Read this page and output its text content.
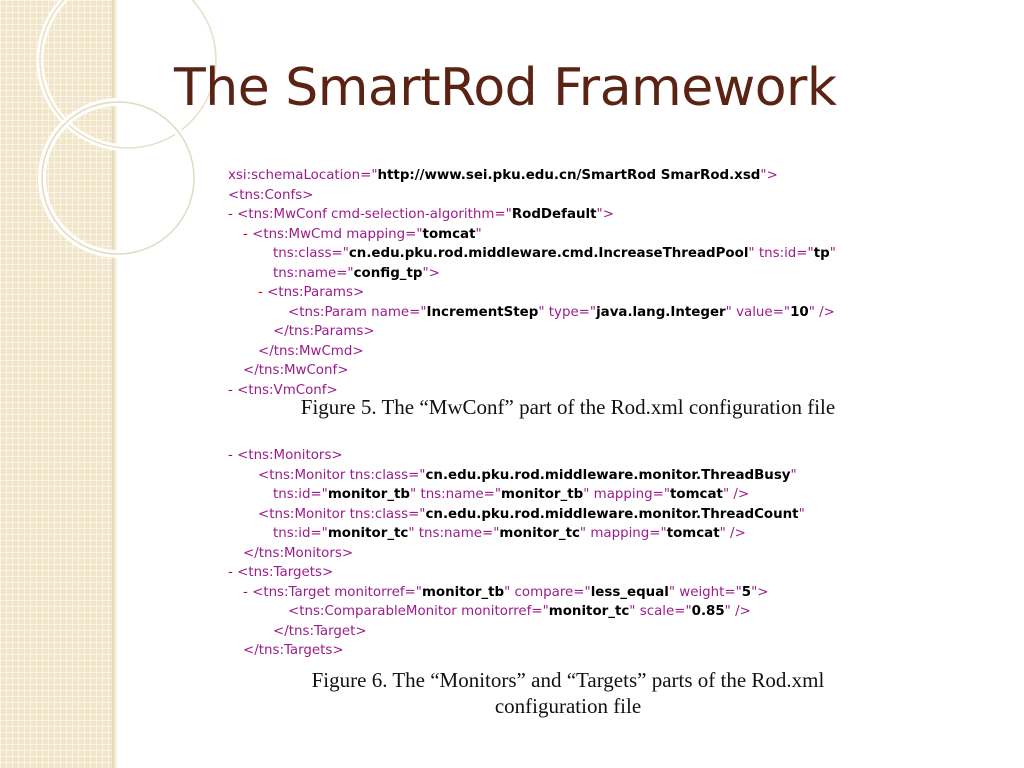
The SmartRod Framework
xsi:schemaLocation="http://www.sei.pku.edu.cn/SmartRod SmarRod.xsd">
<tns:Confs>
- <tns:MwConf cmd-selection-algorithm="RodDefault">
- <tns:MwCmd mapping="tomcat"
tns:class="cn.edu.pku.rod.middleware.cmd.IncreaseThreadPool" tns:id="tp"
tns:name="config_tp">
- <tns:Params>
<tns:Param name="IncrementStep" type="java.lang.Integer" value="10" />
</tns:Params>
</tns:MwCmd>
</tns:MwConf>
- <tns:VmConf>
Figure 5. The “MwConf” part of the Rod.xml configuration file
- <tns:Monitors>
<tns:Monitor tns:class="cn.edu.pku.rod.middleware.monitor.ThreadBusy"
tns:id="monitor_tb" tns:name="monitor_tb" mapping="tomcat" />
<tns:Monitor tns:class="cn.edu.pku.rod.middleware.monitor.ThreadCount"
tns:id="monitor_tc" tns:name="monitor_tc" mapping="tomcat" />
</tns:Monitors>
- <tns:Targets>
- <tns:Target monitorref="monitor_tb" compare="less_equal" weight="5">
<tns:ComparableMonitor monitorref="monitor_tc" scale="0.85" />
</tns:Target>
</tns:Targets>
Figure 6. The “Monitors” and “Targets” parts of the Rod.xml
configuration file
